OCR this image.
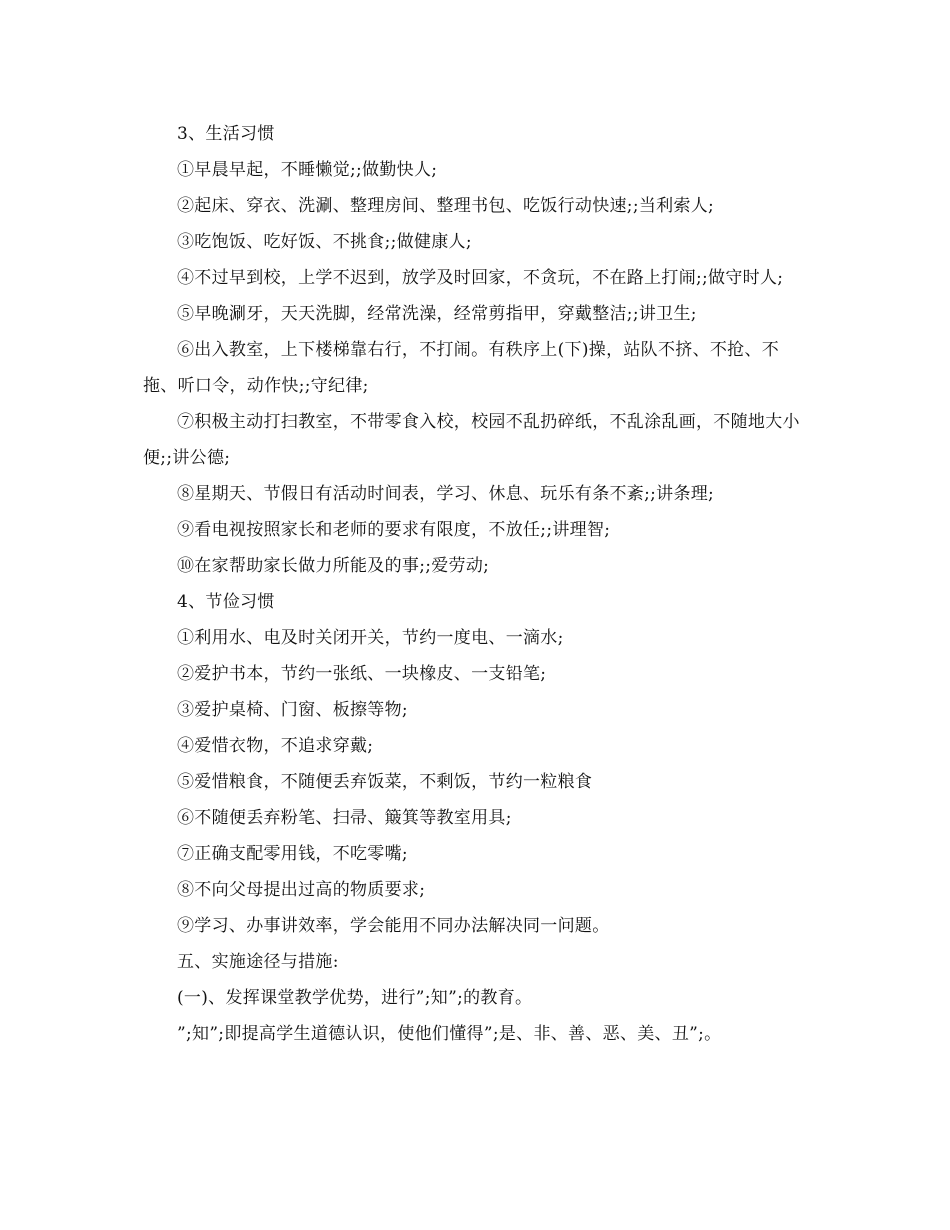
3、生活习惯

①早晨早起，不睡懒觉;;做勤快人;

②起床、穿衣、洗涮、整理房间、整理书包、吃饭行动快速;;当利索人;

③吃饱饭、吃好饭、不挑食;;做健康人;

④不过早到校，上学不迟到，放学及时回家，不贪玩，不在路上打闹;;做守时人;

⑤早晚涮牙，天天洗脚，经常洗澡，经常剪指甲，穿戴整洁;;讲卫生;

⑥出入教室，上下楼梯靠右行，不打闹。有秩序上(下)操，站队不挤、不抢、不拖、听口令，动作快;;守纪律;

⑦积极主动打扫教室，不带零食入校，校园不乱扔碎纸，不乱涂乱画，不随地大小便;;讲公德;

⑧星期天、节假日有活动时间表，学习、休息、玩乐有条不紊;;讲条理;

⑨看电视按照家长和老师的要求有限度，不放任;;讲理智;

⑩在家帮助家长做力所能及的事;;爱劳动;

4、节俭习惯

①利用水、电及时关闭开关，节约一度电、一滴水;

②爱护书本，节约一张纸、一块橡皮、一支铅笔;

③爱护桌椅、门窗、板擦等物;

④爱惜衣物，不追求穿戴;

⑤爱惜粮食，不随便丢弃饭菜，不剩饭，节约一粒粮食

⑥不随便丢弃粉笔、扫帚、簸箕等教室用具;

⑦正确支配零用钱，不吃零嘴;

⑧不向父母提出过高的物质要求;

⑨学习、办事讲效率，学会能用不同办法解决同一问题。

五、实施途径与措施:

(一)、发挥课堂教学优势，进行”;知”;的教育。

”;知”;即提高学生道德认识，使他们懂得”;是、非、善、恶、美、丑”;。
